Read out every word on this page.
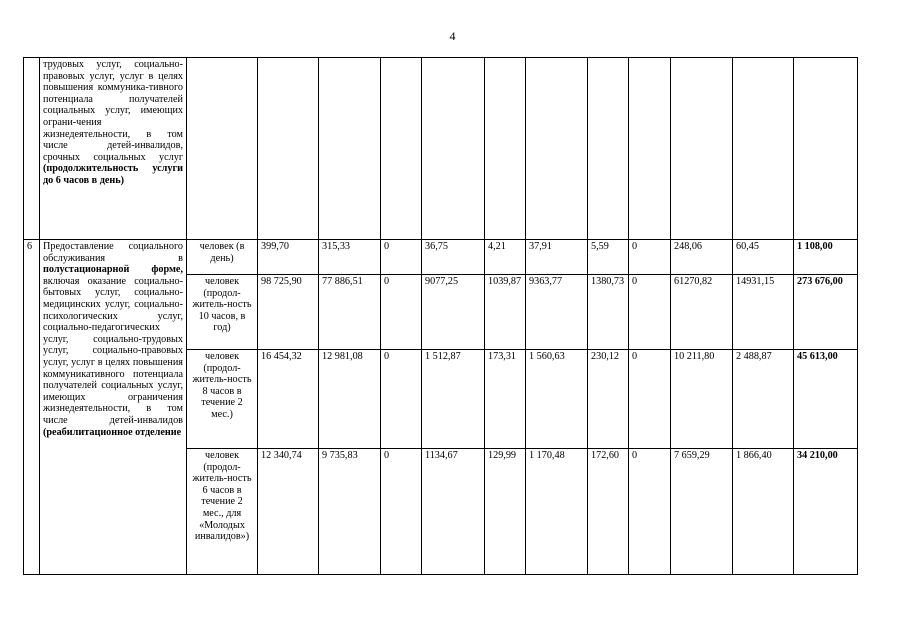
4
	трудовых услуг, социально-правовых услуг, услуг в целях повышения коммуника-тивного потенциала получателей социальных услуг, имеющих ограни-чения жизнедеятельности, в том числе детей-инвалидов, срочных социальных услуг (продолжительность услуги до 6 часов в день)												
6	Предоставление социального обслуживания в полустационарной форме, включая оказание социально-бытовых услуг, социально-медицинских услуг, социально-психологических услуг, социально-педагогических услуг, социально-трудовых услуг, социально-правовых услуг, услуг в целях повышения коммуникативного потенциала получателей социальных услуг, имеющих ограничения жизнедеятельности, в том числе детей-инвалидов (реабилитационное отделение	человек (в день)	399,70	315,33	0	36,75	4,21	37,91	5,59	0	248,06	60,45	1 108,00
		человек (продол-житель-ность 10 часов, в год)	98 725,90	77 886,51	0	9077,25	1039,87	9363,77	1380,73	0	61270,82	14931,15	273 676,00
		человек (продол-житель-ность 8 часов в течение 2 мес.)	16 454,32	12 981,08	0	1 512,87	173,31	1 560,63	230,12	0	10 211,80	2 488,87	45 613,00
		человек (продол-житель-ность 6 часов в течение 2 мес., для «Молодых инвалидов»)	12 340,74	9 735,83	0	1134,67	129,99	1 170,48	172,60	0	7 659,29	1 866,40	34 210,00
